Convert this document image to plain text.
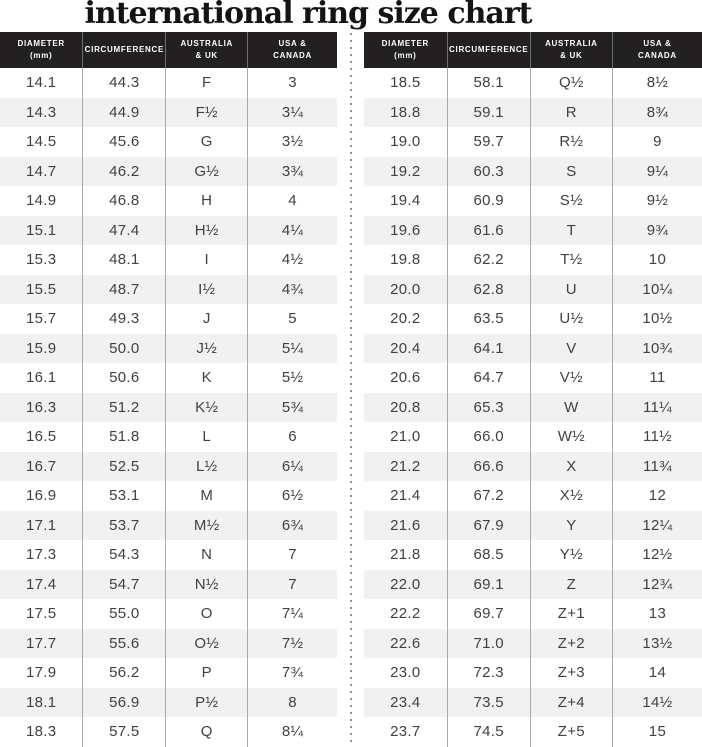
international ring size chart
DIAMETER
(mm)

CIRCUMFERENCE

AUSTRALIA
& UK

USA &
CANADA

14.1	44.3	F	3
14.3	44.9	F½	3¼
14.5	45.6	G	3½
14.7	46.2	G½	3¾
14.9	46.8	H	4
15.1	47.4	H½	4¼
15.3	48.1	I	4½
15.5	48.7	I½	4¾
15.7	49.3	J	5
15.9	50.0	J½	5¼
16.1	50.6	K	5½
16.3	51.2	K½	5¾
16.5	51.8	L	6
16.7	52.5	L½	6¼
16.9	53.1	M	6½
17.1	53.7	M½	6¾
17.3	54.3	N	7
17.4	54.7	N½	7
17.5	55.0	O	7¼
17.7	55.6	O½	7½
17.9	56.2	P	7¾
18.1	56.9	P½	8
18.3	57.5	Q	8¼
DIAMETER
(mm)

CIRCUMFERENCE

AUSTRALIA
& UK

USA &
CANADA

18.5	58.1	Q½	8½
18.8	59.1	R	8¾
19.0	59.7	R½	9
19.2	60.3	S	9¼
19.4	60.9	S½	9½
19.6	61.6	T	9¾
19.8	62.2	T½	10
20.0	62.8	U	10¼
20.2	63.5	U½	10½
20.4	64.1	V	10¾
20.6	64.7	V½	11
20.8	65.3	W	11¼
21.0	66.0	W½	11½
21.2	66.6	X	11¾
21.4	67.2	X½	12
21.6	67.9	Y	12¼
21.8	68.5	Y½	12½
22.0	69.1	Z	12¾
22.2	69.7	Z+1	13
22.6	71.0	Z+2	13½
23.0	72.3	Z+3	14
23.4	73.5	Z+4	14½
23.7	74.5	Z+5	15
